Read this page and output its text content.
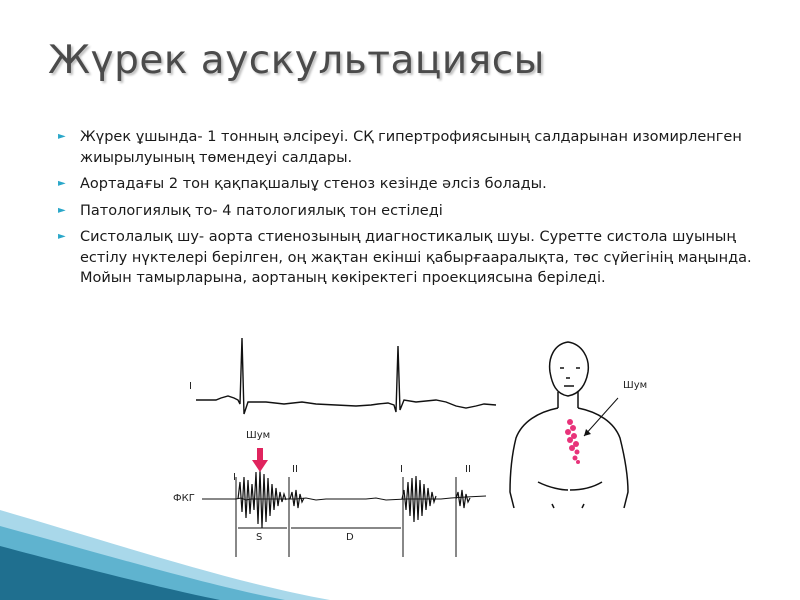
Жүрек аускультациясы
► Жүрек ұшында- 1 тонның әлсіреуі. СҚ гипертрофиясының салдарынан изомирленген жиырылуының төмендеуі салдары.
► Аортадағы 2 тон қақпақшалыұ стеноз кезінде әлсіз болады.
► Патологиялық то- 4 патологиялық тон естіледі
► Систолалық шу- аорта стиенозының диагностикалық шуы. Суретте систола шуының естілу нүктелері берілген, оң жақтан екінші қабырғааралықта, төс сүйегінің маңында. Мойын тамырларына, аортаның көкіректегі проекциясына беріледі.
I
Шум
ФКГ
I
II	I	II
S	D
Шум
